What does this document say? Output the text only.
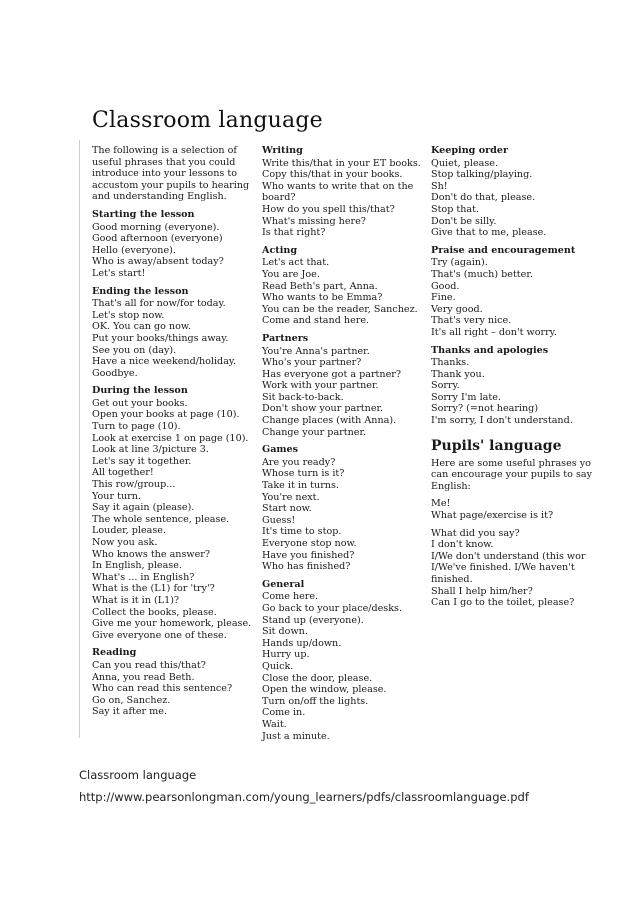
Classroom language
The following is a selection of
useful phrases that you could
introduce into your lessons to
accustom your pupils to hearing
and understanding English.
Starting the lesson
Good morning (everyone).
Good afternoon (everyone)
Hello (everyone).
Who is away/absent today?
Let's start!
Ending the lesson
That's all for now/for today.
Let's stop now.
OK. You can go now.
Put your books/things away.
See you on (day).
Have a nice weekend/holiday.
Goodbye.
During the lesson
Get out your books.
Open your books at page (10).
Turn to page (10).
Look at exercise 1 on page (10).
Look at line 3/picture 3.
Let's say it together.
All together!
This row/group...
Your turn.
Say it again (please).
The whole sentence, please.
Louder, please.
Now you ask.
Who knows the answer?
In English, please.
What's ... in English?
What is the (L1) for 'try'?
What is it in (L1)?
Collect the books, please.
Give me your homework, please.
Give everyone one of these.
Reading
Can you read this/that?
Anna, you read Beth.
Who can read this sentence?
Go on, Sanchez.
Say it after me.
Writing
Write this/that in your ET books.
Copy this/that in your books.
Who wants to write that on the
board?
How do you spell this/that?
What's missing here?
Is that right?
Acting
Let's act that.
You are Joe.
Read Beth's part, Anna.
Who wants to be Emma?
You can be the reader, Sanchez.
Come and stand here.
Partners
You're Anna's partner.
Who's your partner?
Has everyone got a partner?
Work with your partner.
Sit back-to-back.
Don't show your partner.
Change places (with Anna).
Change your partner.
Games
Are you ready?
Whose turn is it?
Take it in turns.
You're next.
Start now.
Guess!
It's time to stop.
Everyone stop now.
Have you finished?
Who has finished?
General
Come here.
Go back to your place/desks.
Stand up (everyone).
Sit down.
Hands up/down.
Hurry up.
Quick.
Close the door, please.
Open the window, please.
Turn on/off the lights.
Come in.
Wait.
Just a minute.
Keeping order
Quiet, please.
Stop talking/playing.
Sh!
Don't do that, please.
Stop that.
Don't be silly.
Give that to me, please.
Praise and encouragement
Try (again).
That's (much) better.
Good.
Fine.
Very good.
That's very nice.
It's all right – don't worry.
Thanks and apologies
Thanks.
Thank you.
Sorry.
Sorry I'm late.
Sorry? (=not hearing)
I'm sorry, I don't understand.
Pupils' language
Here are some useful phrases yo
can encourage your pupils to say
English:
Me!
What page/exercise is it?
What did you say?
I don't know.
I/We don't understand (this wor
I/We've finished. I/We haven't
finished.
Shall I help him/her?
Can I go to the toilet, please?
Classroom language
http://www.pearsonlongman.com/young_learners/pdfs/classroomlanguage.pdf
